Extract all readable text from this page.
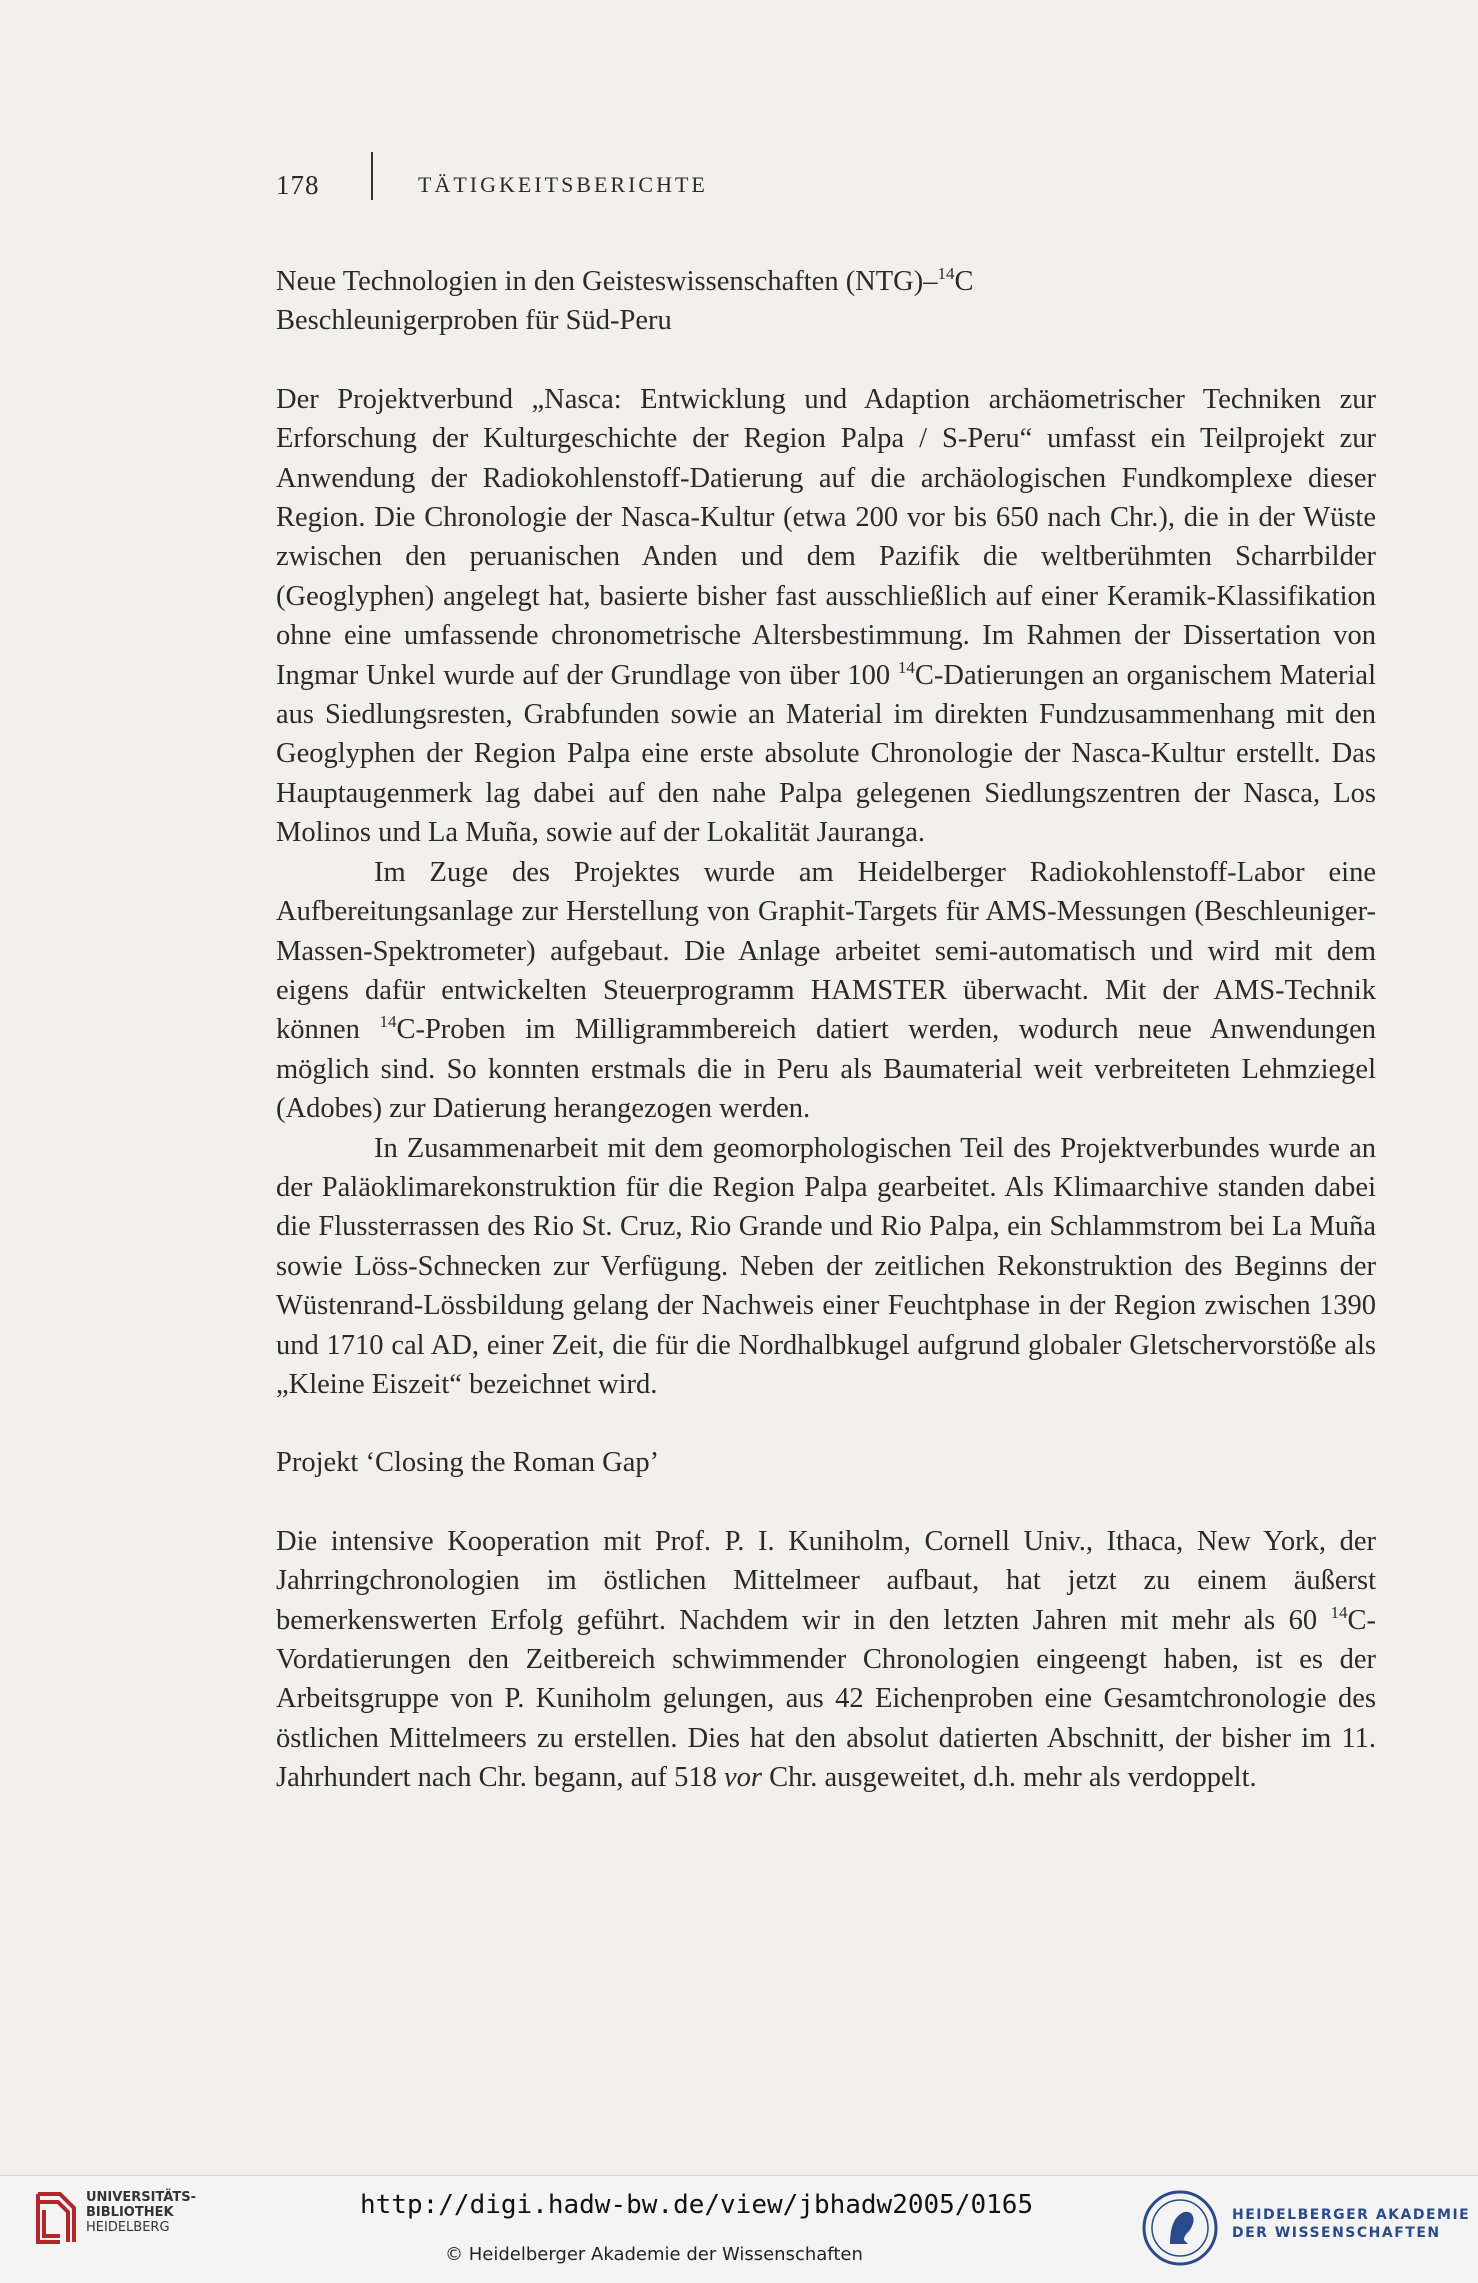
178	TÄTIGKEITSBERICHTE
Neue Technologien in den Geisteswissenschaften (NTG)–$^{14}$C
Beschleunigerproben für Süd-Peru

Der Projektverbund „Nasca: Entwicklung und Adaption archäometrischer Techniken zur Erforschung der Kulturgeschichte der Region Palpa / S-Peru“ umfasst ein Teilprojekt zur Anwendung der Radiokohlenstoff-Datierung auf die archäologischen Fundkomplexe dieser Region. Die Chronologie der Nasca-Kultur (etwa 200 vor bis 650 nach Chr.), die in der Wüste zwischen den peruanischen Anden und dem Pazifik die weltberühmten Scharrbilder (Geoglyphen) angelegt hat, basierte bisher fast ausschließlich auf einer Keramik-Klassifikation ohne eine umfassende chronometrische Altersbestimmung. Im Rahmen der Dissertation von Ingmar Unkel wurde auf der Grundlage von über 100 $^{14}$C-Datierungen an organischem Material aus Siedlungsresten, Grabfunden sowie an Material im direkten Fundzusammenhang mit den Geoglyphen der Region Palpa eine erste absolute Chronologie der Nasca-Kultur erstellt. Das Hauptaugenmerk lag dabei auf den nahe Palpa gelegenen Siedlungszentren der Nasca, Los Molinos und La Muña, sowie auf der Lokalität Jauranga.

Im Zuge des Projektes wurde am Heidelberger Radiokohlenstoff-Labor eine Aufbereitungsanlage zur Herstellung von Graphit-Targets für AMS-Messungen (Beschleuniger-Massen-Spektrometer) aufgebaut. Die Anlage arbeitet semi-automatisch und wird mit dem eigens dafür entwickelten Steuerprogramm HAMSTER überwacht. Mit der AMS-Technik können $^{14}$C-Proben im Milligrammbereich datiert werden, wodurch neue Anwendungen möglich sind. So konnten erstmals die in Peru als Baumaterial weit verbreiteten Lehmziegel (Adobes) zur Datierung herangezogen werden.

In Zusammenarbeit mit dem geomorphologischen Teil des Projektverbundes wurde an der Paläoklimarekonstruktion für die Region Palpa gearbeitet. Als Klimaarchive standen dabei die Flussterrassen des Rio St. Cruz, Rio Grande und Rio Palpa, ein Schlammstrom bei La Muña sowie Löss-Schnecken zur Verfügung. Neben der zeitlichen Rekonstruktion des Beginns der Wüstenrand-Lössbildung gelang der Nachweis einer Feuchtphase in der Region zwischen 1390 und 1710 cal AD, einer Zeit, die für die Nordhalbkugel aufgrund globaler Gletschervorstöße als „Kleine Eiszeit“ bezeichnet wird.

Projekt ‘Closing the Roman Gap’

Die intensive Kooperation mit Prof. P. I. Kuniholm, Cornell Univ., Ithaca, New York, der Jahrringchronologien im östlichen Mittelmeer aufbaut, hat jetzt zu einem äußerst bemerkenswerten Erfolg geführt. Nachdem wir in den letzten Jahren mit mehr als 60 $^{14}$C-Vordatierungen den Zeitbereich schwimmender Chronologien eingeengt haben, ist es der Arbeitsgruppe von P. Kuniholm gelungen, aus 42 Eichenproben eine Gesamtchronologie des östlichen Mittelmeers zu erstellen. Dies hat den absolut datierten Abschnitt, der bisher im 11. Jahrhundert nach Chr. begann, auf 518 vor Chr. ausgeweitet, d.h. mehr als verdoppelt.

UNIVERSITÄTS-
BIBLIOTHEK
HEIDELBERG
http://digi.hadw-bw.de/view/jbhadw2005/0165
© Heidelberger Akademie der Wissenschaften
HEIDELBERGER AKADEMIE
DER WISSENSCHAFTEN
